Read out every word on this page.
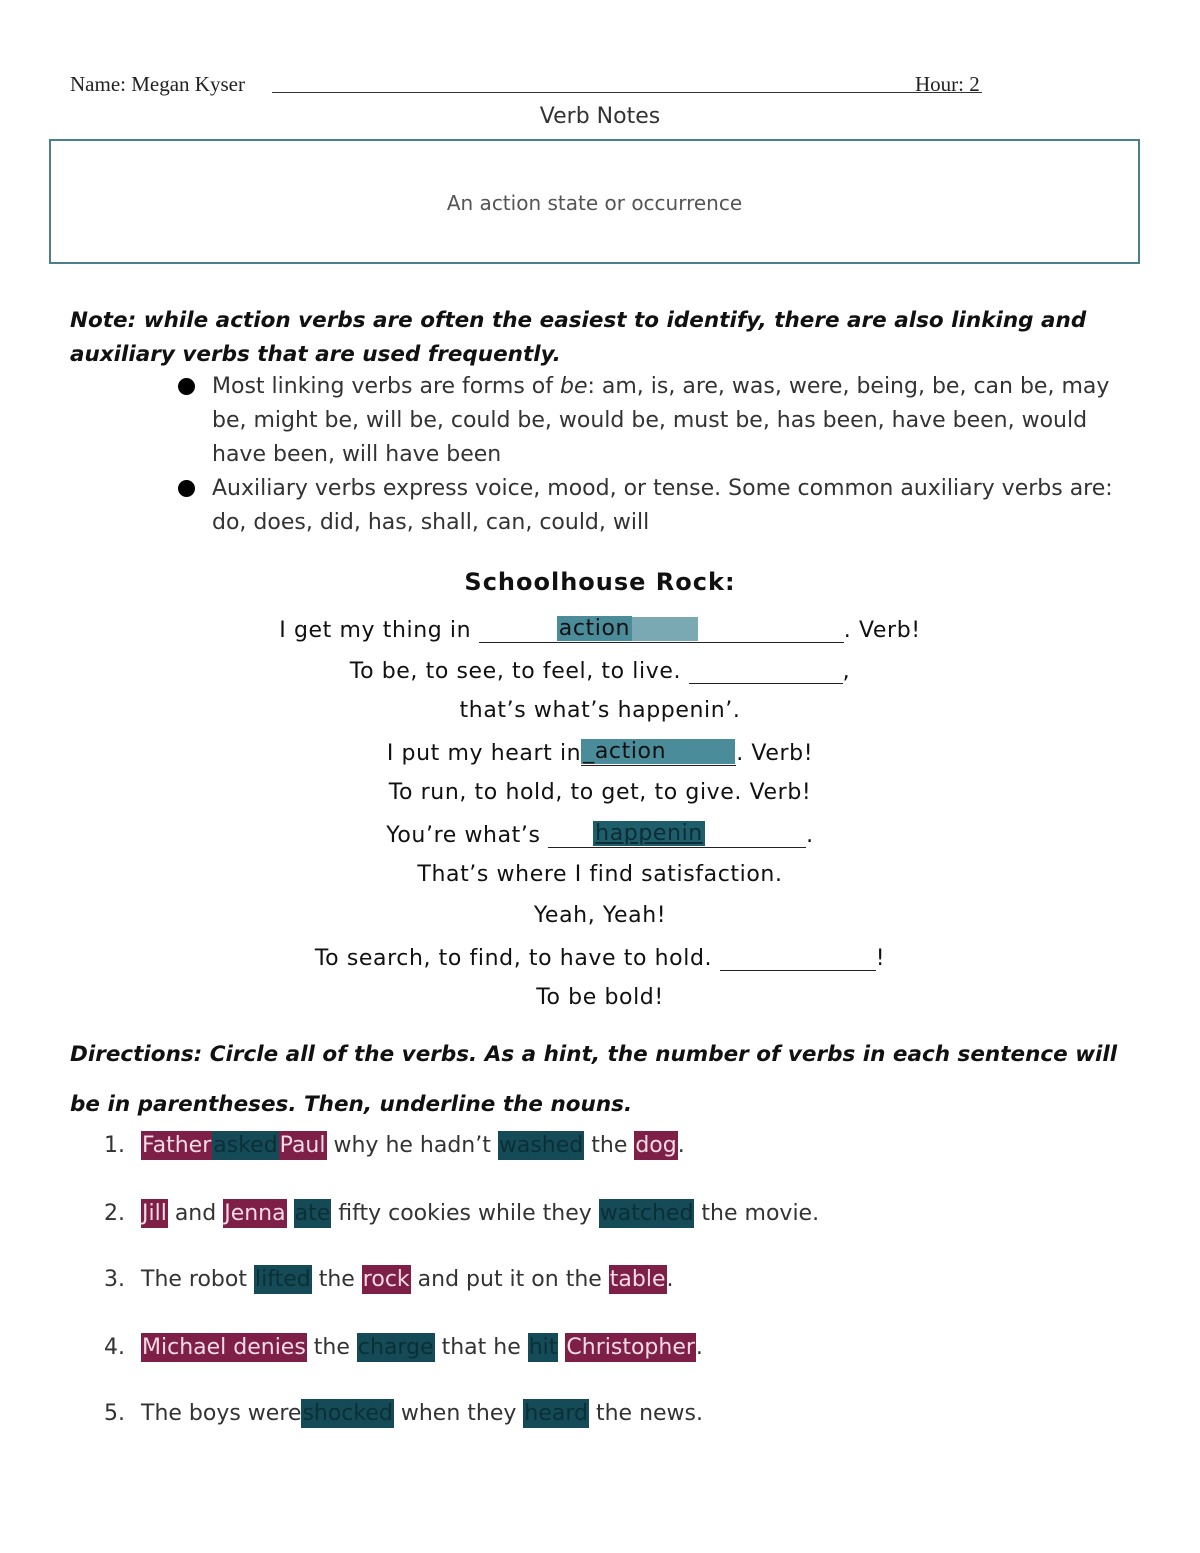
Name: Megan Kyser	Hour: 2
Verb Notes
An action state or occurrence
Note: while action verbs are often the easiest to identify, there are also linking and auxiliary verbs that are used frequently.
Most linking verbs are forms of be: am, is, are, was, were, being, be, can be, may be, might be, will be, could be, would be, must be, has been, have been, would have been, will have been
Auxiliary verbs express voice, mood, or tense. Some common auxiliary verbs are: do, does, did, has, shall, can, could, will
Schoolhouse Rock:
I get my thing in	action	. Verb!
To be, to see, to feel, to live.	,
that’s what’s happenin’.
I put my heart in_action	. Verb!
To run, to hold, to get, to give. Verb!
You’re what’s happenin	.
That’s where I find satisfaction.
Yeah, Yeah!
To search, to find, to have to hold.	!
To be bold!
Directions: Circle all of the verbs. As a hint, the number of verbs in each sentence will be in parentheses. Then, underline the nouns.
1. FatheraskedPaul why he hadn’t washed the dog.
2. Jill and Jenna ate fifty cookies while they watched the movie.
3. The robot lifted the rock and put it on the table.
4. Michael denies the charge that he hit Christopher.
5. The boys wereshocked when they heard the news.
